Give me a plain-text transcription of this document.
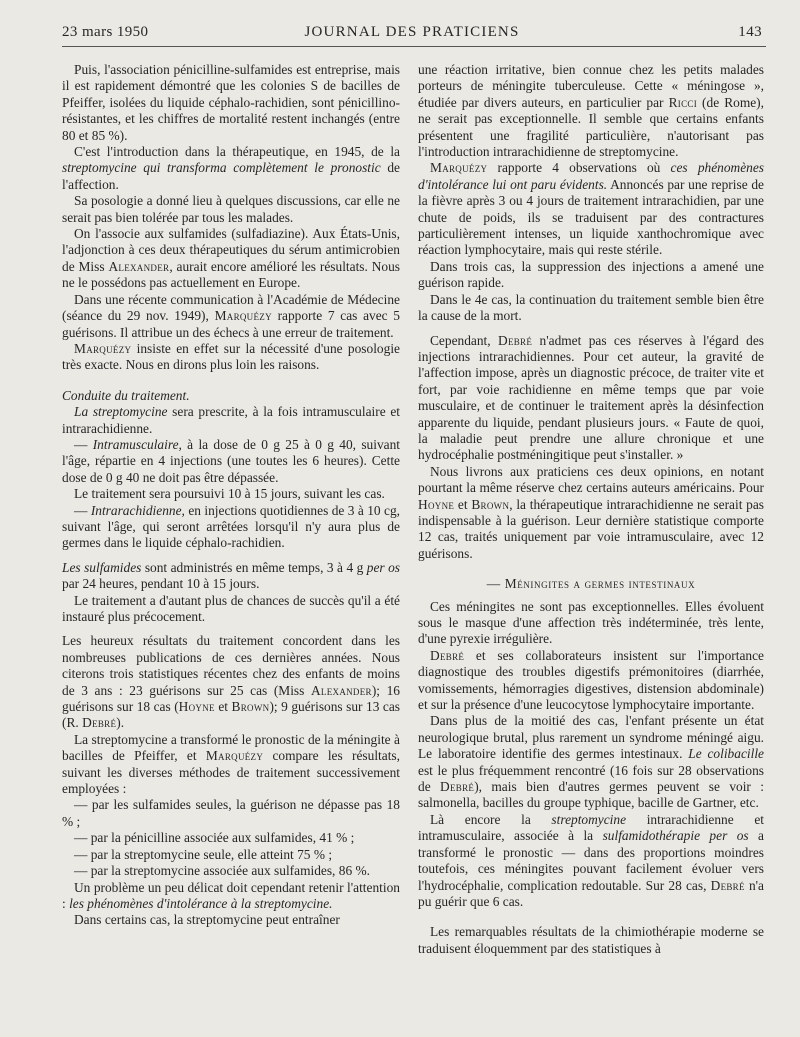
23 mars 1950	JOURNAL DES PRATICIENS	143

Puis, l'association pénicilline-sulfamides est entreprise, mais il est rapidement démontré que les colonies S de bacilles de Pfeiffer, isolées du liquide céphalo-rachidien, sont pénicillino-résistantes, et les chiffres de mortalité restent inchangés (entre 80 et 85 %).

C'est l'introduction dans la thérapeutique, en 1945, de la streptomycine qui transforma complètement le pronostic de l'affection.

Sa posologie a donné lieu à quelques discussions, car elle ne serait pas bien tolérée par tous les malades.

On l'associe aux sulfamides (sulfadiazine). Aux États-Unis, l'adjonction à ces deux thérapeutiques du sérum antimicrobien de Miss Alexander, aurait encore amélioré les résultats. Nous ne le possédons pas actuellement en Europe.

Dans une récente communication à l'Académie de Médecine (séance du 29 nov. 1949), Marquézy rapporte 7 cas avec 5 guérisons. Il attribue un des échecs à une erreur de traitement.

Marquézy insiste en effet sur la nécessité d'une posologie très exacte. Nous en dirons plus loin les raisons.

Conduite du traitement.

La streptomycine sera prescrite, à la fois intramusculaire et intrarachidienne.

— Intramusculaire, à la dose de 0 g 25 à 0 g 40, suivant l'âge, répartie en 4 injections (une toutes les 6 heures). Cette dose de 0 g 40 ne doit pas être dépassée.

Le traitement sera poursuivi 10 à 15 jours, suivant les cas.

— Intrarachidienne, en injections quotidiennes de 3 à 10 cg, suivant l'âge, qui seront arrêtées lorsqu'il n'y aura plus de germes dans le liquide céphalo-rachidien.

Les sulfamides sont administrés en même temps, 3 à 4 g per os par 24 heures, pendant 10 à 15 jours.

Le traitement a d'autant plus de chances de succès qu'il a été instauré plus précocement.

Les heureux résultats du traitement concordent dans les nombreuses publications de ces dernières années. Nous citerons trois statistiques récentes chez des enfants de moins de 3 ans : 23 guérisons sur 25 cas (Miss Alexander); 16 guérisons sur 18 cas (Hoyne et Brown); 9 guérisons sur 13 cas (R. Debré).

La streptomycine a transformé le pronostic de la méningite à bacilles de Pfeiffer, et Marquézy compare les résultats, suivant les diverses méthodes de traitement successivement employées :

— par les sulfamides seules, la guérison ne dépasse pas 18 % ;

— par la pénicilline associée aux sulfamides, 41 % ;

— par la streptomycine seule, elle atteint 75 % ;

— par la streptomycine associée aux sulfamides, 86 %.

Un problème un peu délicat doit cependant retenir l'attention : les phénomènes d'intolérance à la streptomycine.

Dans certains cas, la streptomycine peut entraîner

une réaction irritative, bien connue chez les petits malades porteurs de méningite tuberculeuse. Cette « méningose », étudiée par divers auteurs, en particulier par Ricci (de Rome), ne serait pas exceptionnelle. Il semble que certains enfants présentent une fragilité particulière, n'autorisant pas l'introduction intrarachidienne de streptomycine.

Marquézy rapporte 4 observations où ces phénomènes d'intolérance lui ont paru évidents. Annoncés par une reprise de la fièvre après 3 ou 4 jours de traitement intrarachidien, par une chute de poids, ils se traduisent par des contractures particulièrement intenses, un liquide xanthochromique avec réaction lymphocytaire, mais qui reste stérile.

Dans trois cas, la suppression des injections a amené une guérison rapide.

Dans le 4e cas, la continuation du traitement semble bien être la cause de la mort.

Cependant, Debré n'admet pas ces réserves à l'égard des injections intrarachidiennes. Pour cet auteur, la gravité de l'affection impose, après un diagnostic précoce, de traiter vite et fort, par voie rachidienne en même temps que par voie musculaire, et de continuer le traitement après la désinfection apparente du liquide, pendant plusieurs jours. « Faute de quoi, la maladie peut prendre une allure chronique et une hydrocéphalie postméningitique peut s'installer. »

Nous livrons aux praticiens ces deux opinions, en notant pourtant la même réserve chez certains auteurs américains. Pour Hoyne et Brown, la thérapeutique intrarachidienne ne serait pas indispensable à la guérison. Leur dernière statistique comporte 12 cas, traités uniquement par voie intramusculaire, avec 12 guérisons.

— Méningites a germes intestinaux

Ces méningites ne sont pas exceptionnelles. Elles évoluent sous le masque d'une affection très indéterminée, très lente, d'une pyrexie irrégulière.

Debré et ses collaborateurs insistent sur l'importance diagnostique des troubles digestifs prémonitoires (diarrhée, vomissements, hémorragies digestives, distension abdominale) et sur la présence d'une leucocytose lymphocytaire importante.

Dans plus de la moitié des cas, l'enfant présente un état neurologique brutal, plus rarement un syndrome méningé aigu. Le laboratoire identifie des germes intestinaux. Le colibacille est le plus fréquemment rencontré (16 fois sur 28 observations de Debré), mais bien d'autres germes peuvent se voir : salmonella, bacilles du groupe typhique, bacille de Gartner, etc.

Là encore la streptomycine intrarachidienne et intramusculaire, associée à la sulfamidothérapie per os a transformé le pronostic — dans des proportions moindres toutefois, ces méningites pouvant facilement évoluer vers l'hydrocéphalie, complication redoutable. Sur 28 cas, Debré n'a pu guérir que 6 cas.

Les remarquables résultats de la chimiothérapie moderne se traduisent éloquemment par des statistiques à
